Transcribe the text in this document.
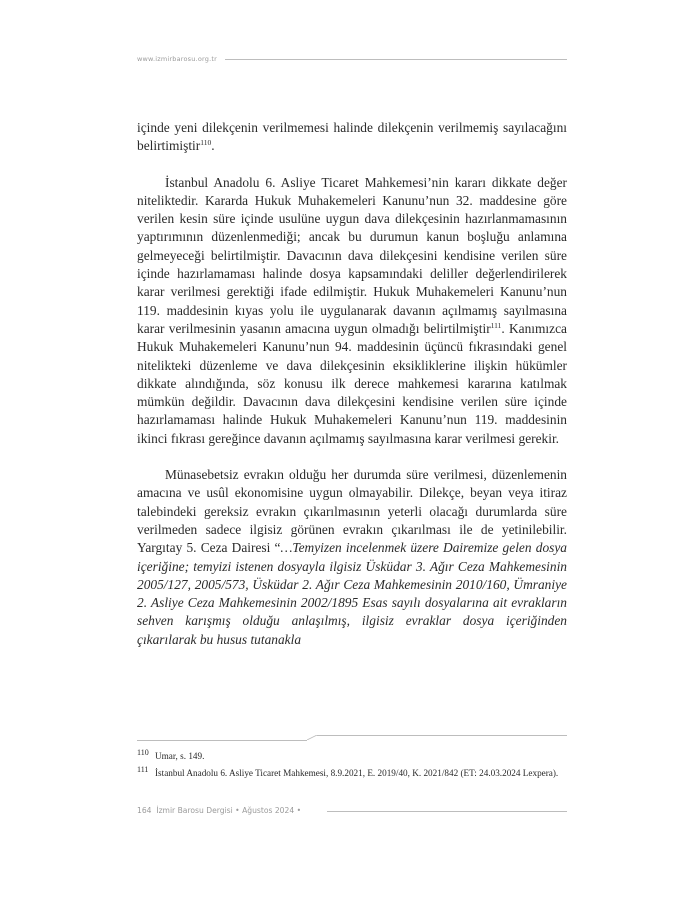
www.izmirbarosu.org.tr

içinde yeni dilekçenin verilmemesi halinde dilekçenin verilmemiş sayılacağını belirtimiştir$^{110}$.

İstanbul Anadolu 6. Asliye Ticaret Mahkemesi’nin kararı dikkate değer niteliktedir. Kararda Hukuk Muhakemeleri Kanunu’nun 32. maddesine göre verilen kesin süre içinde usulüne uygun dava dilekçesinin hazırlanmamasının yaptırımının düzenlenmediği; ancak bu durumun kanun boşluğu anlamına gelmeyeceği belirtilmiştir. Davacının dava dilekçesini kendisine verilen süre içinde hazırlamaması halinde dosya kapsamındaki deliller değerlendirilerek karar verilmesi gerektiği ifade edilmiştir. Hukuk Muhakemeleri Kanunu’nun 119. maddesinin kıyas yolu ile uygulanarak davanın açılmamış sayılmasına karar verilmesinin yasanın amacına uygun olmadığı belirtilmiştir$^{111}$. Kanımızca Hukuk Muhakemeleri Kanunu’nun 94. maddesinin üçüncü fıkrasındaki genel nitelikteki düzenleme ve dava dilekçesinin eksikliklerine ilişkin hükümler dikkate alındığında, söz konusu ilk derece mahkemesi kararına katılmak mümkün değildir. Davacının dava dilekçesini kendisine verilen süre içinde hazırlamaması halinde Hukuk Muhakemeleri Kanunu’nun 119. maddesinin ikinci fıkrası gereğince davanın açılmamış sayılmasına karar verilmesi gerekir.

Münasebetsiz evrakın olduğu her durumda süre verilmesi, düzenlemenin amacına ve usûl ekonomisine uygun olmayabilir. Dilekçe, beyan veya itiraz talebindeki gereksiz evrakın çıkarılmasının yeterli olacağı durumlarda süre verilmeden sadece ilgisiz görünen evrakın çıkarılması ile de yetinilebilir. Yargıtay 5. Ceza Dairesi “…Temyizen incelenmek üzere Dairemize gelen dosya içeriğine; temyizi istenen dosyayla ilgisiz Üsküdar 3. Ağır Ceza Mahkemesinin 2005/127, 2005/573, Üsküdar 2. Ağır Ceza Mahkemesinin 2010/160, Ümraniye 2. Asliye Ceza Mahkemesinin 2002/1895 Esas sayılı dosyalarına ait evrakların sehven karışmış olduğu anlaşılmış, ilgisiz evraklar dosya içeriğinden çıkarılarak bu husus tutanakla

110 Umar, s. 149.
111 İstanbul Anadolu 6. Asliye Ticaret Mahkemesi, 8.9.2021, E. 2019/40, K. 2021/842 (ET: 24.03.2024 Lexpera).
164 İzmir Barosu Dergisi • Ağustos 2024 •
